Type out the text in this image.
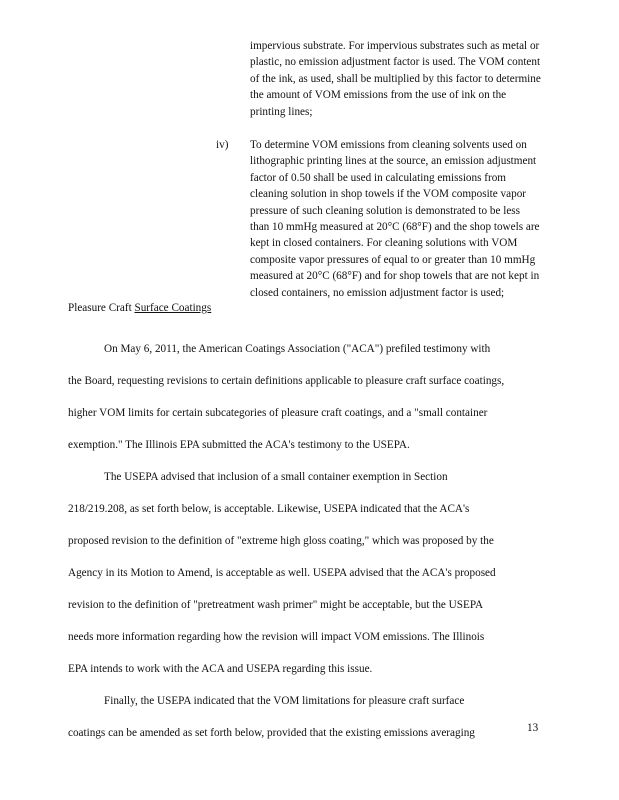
impervious substrate. For impervious substrates such as metal or plastic, no emission adjustment factor is used. The VOM content of the ink, as used, shall be multiplied by this factor to determine the amount of VOM emissions from the use of ink on the printing lines;
iv) To determine VOM emissions from cleaning solvents used on lithographic printing lines at the source, an emission adjustment factor of 0.50 shall be used in calculating emissions from cleaning solution in shop towels if the VOM composite vapor pressure of such cleaning solution is demonstrated to be less than 10 mmHg measured at 20°C (68°F) and the shop towels are kept in closed containers. For cleaning solutions with VOM composite vapor pressures of equal to or greater than 10 mmHg measured at 20°C (68°F) and for shop towels that are not kept in closed containers, no emission adjustment factor is used;
Pleasure Craft Surface Coatings
On May 6, 2011, the American Coatings Association ("ACA") prefiled testimony with
the Board, requesting revisions to certain definitions applicable to pleasure craft surface coatings,
higher VOM limits for certain subcategories of pleasure craft coatings, and a "small container
exemption." The Illinois EPA submitted the ACA's testimony to the USEPA.
The USEPA advised that inclusion of a small container exemption in Section
218/219.208, as set forth below, is acceptable. Likewise, USEPA indicated that the ACA's
proposed revision to the definition of "extreme high gloss coating," which was proposed by the
Agency in its Motion to Amend, is acceptable as well. USEPA advised that the ACA's proposed
revision to the definition of "pretreatment wash primer" might be acceptable, but the USEPA
needs more information regarding how the revision will impact VOM emissions. The Illinois
EPA intends to work with the ACA and USEPA regarding this issue.
Finally, the USEPA indicated that the VOM limitations for pleasure craft surface
coatings can be amended as set forth below, provided that the existing emissions averaging	13
